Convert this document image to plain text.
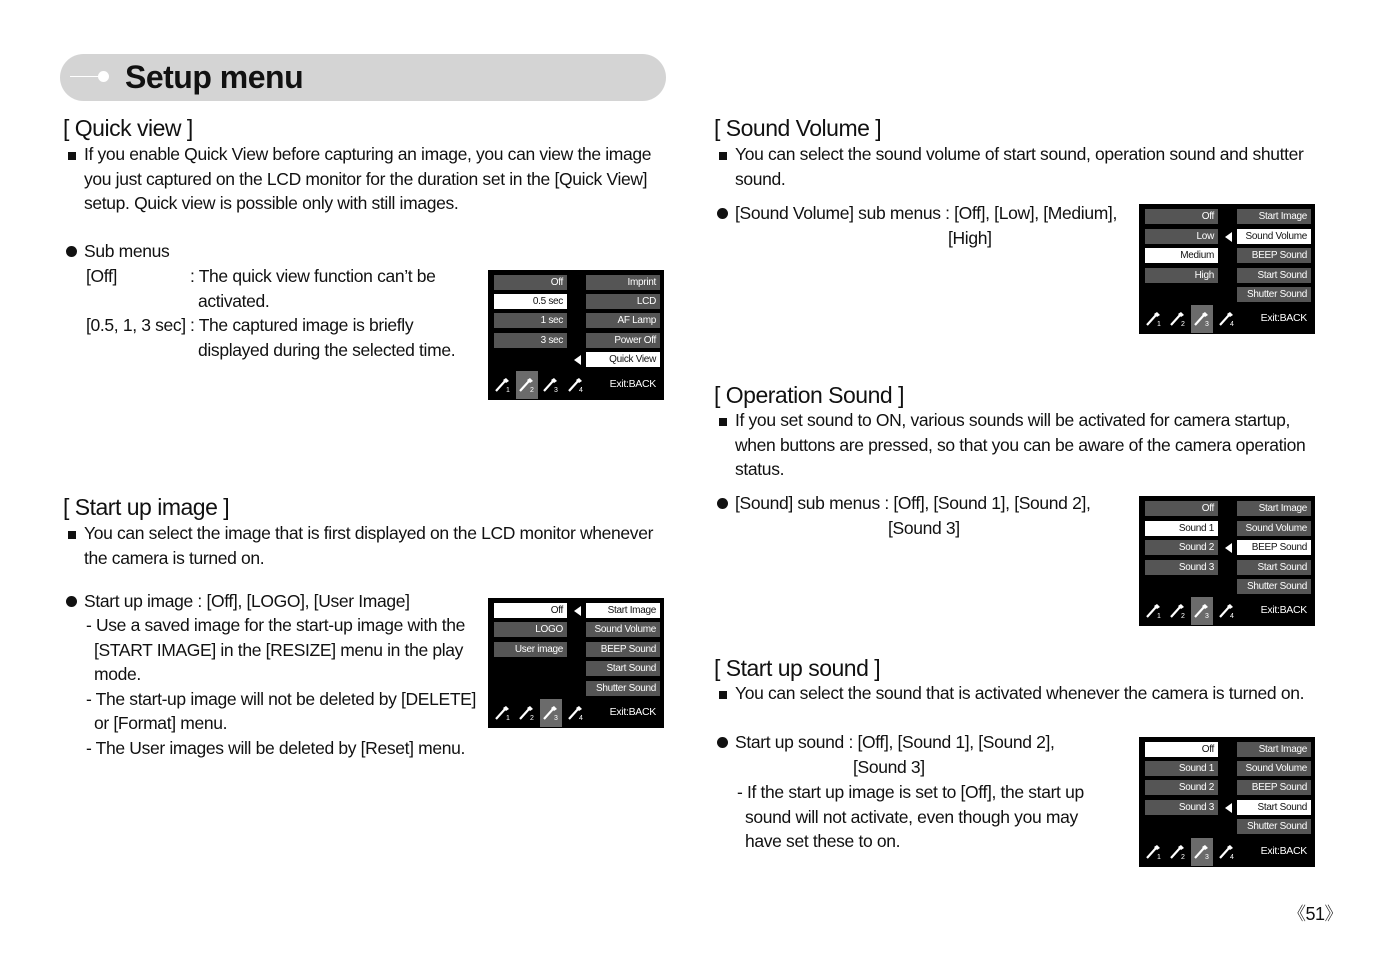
Setup menu
[ Quick view ]
If you enable Quick View before capturing an image, you can view the image
you just captured on the LCD monitor for the duration set in the [Quick View]
setup. Quick view is possible only with still images.
Sub menus
[Off]	: The quick view function can’t be
activated.
[0.5, 1, 3 sec] : The captured image is briefly
displayed during the selected time.
Off
0.5 sec
1 sec
3 sec
Imprint
LCD
AF Lamp
Power Off
Quick View
1	2	3	4
Exit:BACK
[ Start up image ]
You can select the image that is first displayed on the LCD monitor whenever
the camera is turned on.
Start up image : [Off], [LOGO], [User Image]
- Use a saved image for the start-up image with the
[START IMAGE] in the [RESIZE] menu in the play
mode.
- The start-up image will not be deleted by [DELETE]
or [Format] menu.
- The User images will be deleted by [Reset] menu.
Off
LOGO
User image
Start Image
Sound Volume
BEEP Sound
Start Sound
Shutter Sound
1	2	3	4
Exit:BACK
[ Sound Volume ]
You can select the sound volume of start sound, operation sound and shutter
sound.
[Sound Volume] sub menus : [Off], [Low], [Medium],
[High]
Off
Low
Medium
High
Start Image
Sound Volume
BEEP Sound
Start Sound
Shutter Sound
1	2	3	4
Exit:BACK
[ Operation Sound ]
If you set sound to ON, various sounds will be activated for camera startup,
when buttons are pressed, so that you can be aware of the camera operation
status.
[Sound] sub menus : [Off], [Sound 1], [Sound 2],
[Sound 3]
Off
Sound 1
Sound 2
Sound 3
Start Image
Sound Volume
BEEP Sound
Start Sound
Shutter Sound
1	2	3	4
Exit:BACK
[ Start up sound ]
You can select the sound that is activated whenever the camera is turned on.
Start up sound : [Off], [Sound 1], [Sound 2],
[Sound 3]
- If the start up image is set to [Off], the start up
sound will not activate, even though you may
have set these to on.
Off
Sound 1
Sound 2
Sound 3
Start Image
Sound Volume
BEEP Sound
Start Sound
Shutter Sound
1	2	3	4
Exit:BACK
《51》
